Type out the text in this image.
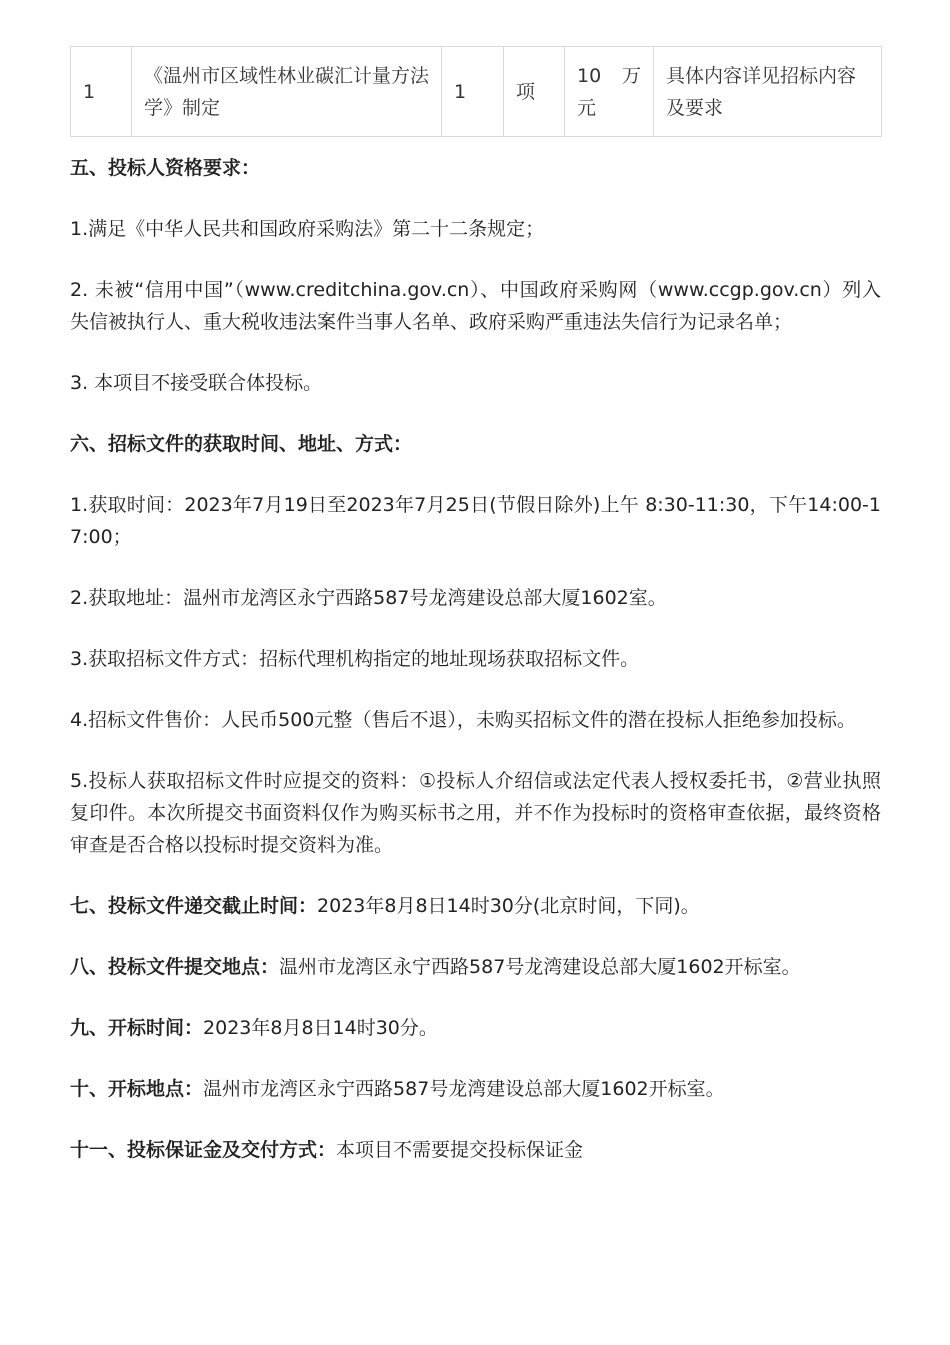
1	《温州市区域性林业碳汇计量方法学》制定	1	项	10 万元	具体内容详见招标内容及要求

五、投标人资格要求：

1.满足《中华人民共和国政府采购法》第二十二条规定；

2. 未被“信用中国”（www.creditchina.gov.cn）、中国政府采购网（www.ccgp.gov.cn）列入失信被执行人、重大税收违法案件当事人名单、政府采购严重违法失信行为记录名单；

3. 本项目不接受联合体投标。

六、招标文件的获取时间、地址、方式：

1.获取时间：2023年7月19日至2023年7月25日(节假日除外)上午 8:30-11:30，下午14:00-17:00；

2.获取地址：温州市龙湾区永宁西路587号龙湾建设总部大厦1602室。

3.获取招标文件方式：招标代理机构指定的地址现场获取招标文件。

4.招标文件售价：人民币500元整（售后不退），未购买招标文件的潜在投标人拒绝参加投标。

5.投标人获取招标文件时应提交的资料：①投标人介绍信或法定代表人授权委托书，②营业执照复印件。本次所提交书面资料仅作为购买标书之用，并不作为投标时的资格审查依据，最终资格审查是否合格以投标时提交资料为准。

七、投标文件递交截止时间：2023年8月8日14时30分(北京时间，下同)。

八、投标文件提交地点：温州市龙湾区永宁西路587号龙湾建设总部大厦1602开标室。

九、开标时间：2023年8月8日14时30分。

十、开标地点：温州市龙湾区永宁西路587号龙湾建设总部大厦1602开标室。

十一、投标保证金及交付方式：本项目不需要提交投标保证金
